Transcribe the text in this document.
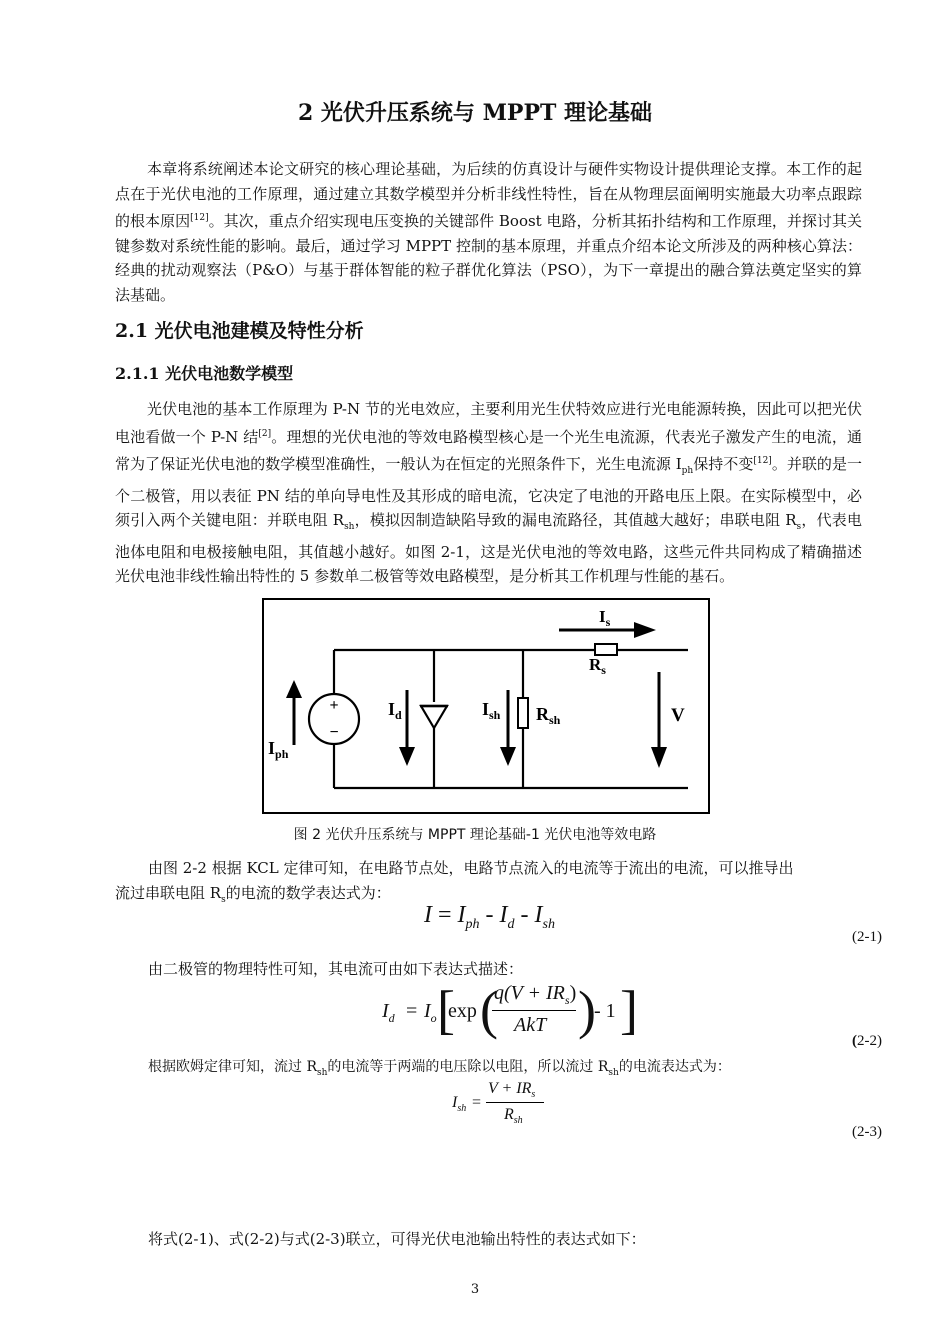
2 光伏升压系统与 MPPT 理论基础

本章将系统阐述本论文研究的核心理论基础，为后续的仿真设计与硬件实物设计提供理论支撑。本工作的起点在于光伏电池的工作原理，通过建立其数学模型并分析非线性特性，旨在从物理层面阐明实施最大功率点跟踪的根本原因[12]。其次，重点介绍实现电压变换的关键部件 Boost 电路，分析其拓扑结构和工作原理，并探讨其关键参数对系统性能的影响。最后，通过学习 MPPT 控制的基本原理，并重点介绍本论文所涉及的两种核心算法：经典的扰动观察法（P&O）与基于群体智能的粒子群优化算法（PSO），为下一章提出的融合算法奠定坚实的算法基础。

2.1 光伏电池建模及特性分析
2.1.1 光伏电池数学模型

光伏电池的基本工作原理为 P-N 节的光电效应，主要利用光生伏特效应进行光电能源转换，因此可以把光伏电池看做一个 P-N 结[2]。理想的光伏电池的等效电路模型核心是一个光生电流源，代表光子激发产生的电流，通常为了保证光伏电池的数学模型准确性，一般认为在恒定的光照条件下，光生电流源 $I_{ph}$保持不变[12]。并联的是一个二极管，用以表征 PN 结的单向导电性及其形成的暗电流，它决定了电池的开路电压上限。在实际模型中，必须引入两个关键电阻：并联电阻 $R_{sh}$，模拟因制造缺陷导致的漏电流路径，其值越大越好；串联电阻 $R_s$，代表电池体电阻和电极接触电阻，其值越小越好。如图 2-1，这是光伏电池的等效电路，这些元件共同构成了精确描述光伏电池非线性输出特性的 5 参数单二极管等效电路模型，是分析其工作机理与性能的基石。

+
−
$I_{ph}$
$I_d$	$R_{sh}$
$I_{sh}$
$R_s$
$I_s$
V
图 2 光伏升压系统与 MPPT 理论基础-1 光伏电池等效电路
由图 2-2 根据 KCL 定律可知，在电路节点处，电路节点流入的电流等于流出的电流，可以推导出
流过串联电阻 $R_s$的电流的数学表达式为：
$I = I_{ph} - I_d - I_{sh}$
(2-1)
由二极管的物理特性可知，其电流可由如下表达式描述：
$I_d = I_o$ [
exp (
$q(V + IR_s)$
AkT )
- 1 ]
(2-2)
根据欧姆定律可知，流过 $R_{sh}$的电流等于两端的电压除以电阻，所以流过 $R_{sh}$的电流表达式为：
$I_{sh}$ =
$V + IR_s$
$R_{sh}$
(2-3)
将式(2-1)、式(2-2)与式(2-3)联立，可得光伏电池输出特性的表达式如下：
3
